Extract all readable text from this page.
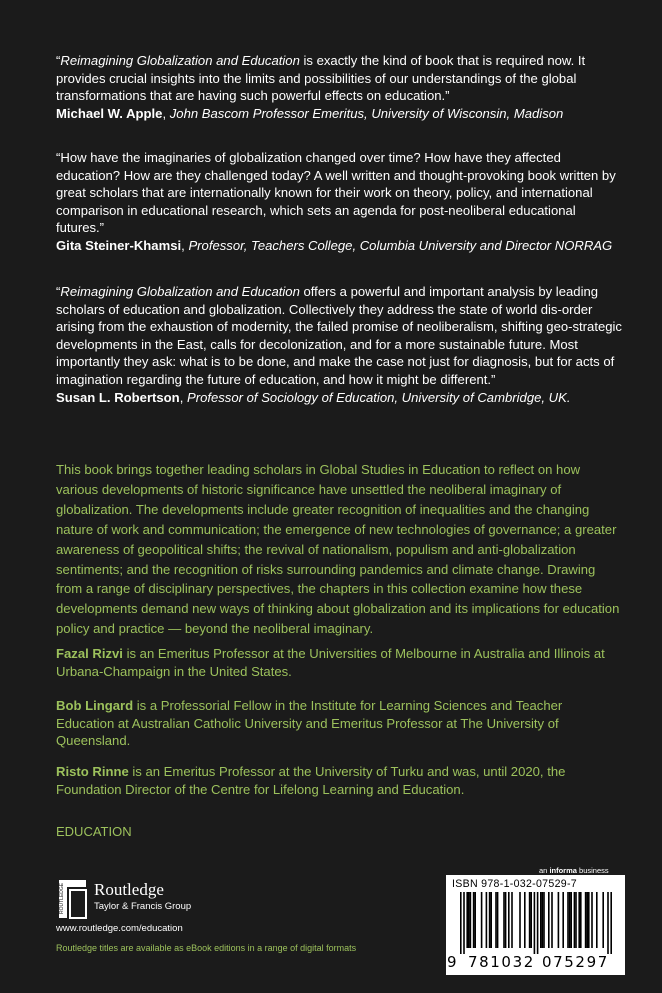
“Reimagining Globalization and Education is exactly the kind of book that is required now. It provides crucial insights into the limits and possibilities of our understandings of the global transformations that are having such powerful effects on education.”

Michael W. Apple, John Bascom Professor Emeritus, University of Wisconsin, Madison

“How have the imaginaries of globalization changed over time? How have they affected education? How are they challenged today? A well written and thought-provoking book written by great scholars that are internationally known for their work on theory, policy, and international comparison in educational research, which sets an agenda for post-neoliberal educational futures.”

Gita Steiner-Khamsi, Professor, Teachers College, Columbia University and Director NORRAG

“Reimagining Globalization and Education offers a powerful and important analysis by leading scholars of education and globalization. Collectively they address the state of world dis-order arising from the exhaustion of modernity, the failed promise of neoliberalism, shifting geo-strategic developments in the East, calls for decolonization, and for a more sustainable future. Most importantly they ask: what is to be done, and make the case not just for diagnosis, but for acts of imagination regarding the future of education, and how it might be different.”

Susan L. Robertson, Professor of Sociology of Education, University of Cambridge, UK.

This book brings together leading scholars in Global Studies in Education to reflect on how various developments of historic significance have unsettled the neoliberal imaginary of globalization. The developments include greater recognition of inequalities and the changing nature of work and communication; the emergence of new technologies of governance; a greater awareness of geopolitical shifts; the revival of nationalism, populism and anti-globalization sentiments; and the recognition of risks surrounding pandemics and climate change. Drawing from a range of disciplinary perspectives, the chapters in this collection examine how these developments demand new ways of thinking about globalization and its implications for education policy and practice — beyond the neoliberal imaginary.

Fazal Rizvi is an Emeritus Professor at the Universities of Melbourne in Australia and Illinois at Urbana-Champaign in the United States.

Bob Lingard is a Professorial Fellow in the Institute for Learning Sciences and Teacher Education at Australian Catholic University and Emeritus Professor at The University of Queensland.

Risto Rinne is an Emeritus Professor at the University of Turku and was, until 2020, the Foundation Director of the Centre for Lifelong Learning and Education.

EDUCATION
an informa business
ISBN 978-1-032-07529-7
9 781032 075297
ROUTLEDGE Routledge
Taylor & Francis Group
www.routledge.com/education
Routledge titles are available as eBook editions in a range of digital formats
